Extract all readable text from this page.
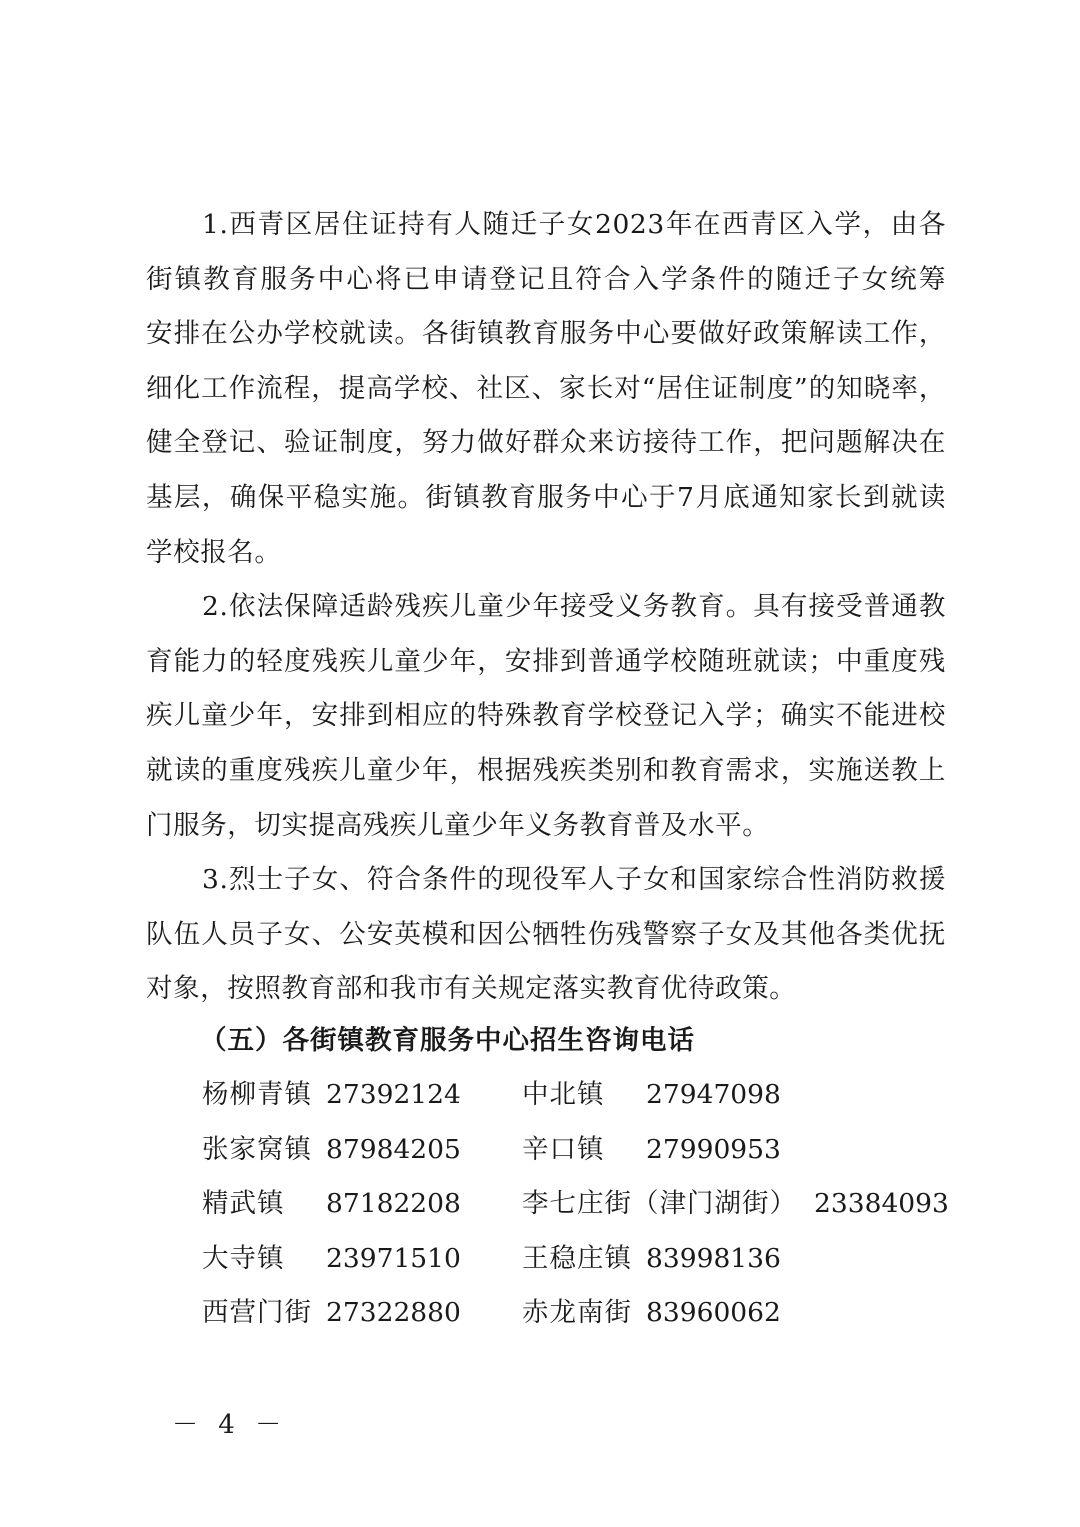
1.西青区居住证持有人随迁子女2023年在西青区入学，由各
街镇教育服务中心将已申请登记且符合入学条件的随迁子女统筹
安排在公办学校就读。各街镇教育服务中心要做好政策解读工作，
细化工作流程，提高学校、社区、家长对“居住证制度”的知晓率，
健全登记、验证制度，努力做好群众来访接待工作，把问题解决在
基层，确保平稳实施。街镇教育服务中心于7月底通知家长到就读
学校报名。

2.依法保障适龄残疾儿童少年接受义务教育。具有接受普通教
育能力的轻度残疾儿童少年，安排到普通学校随班就读；中重度残
疾儿童少年，安排到相应的特殊教育学校登记入学；确实不能进校
就读的重度残疾儿童少年，根据残疾类别和教育需求，实施送教上
门服务，切实提高残疾儿童少年义务教育普及水平。

3.烈士子女、符合条件的现役军人子女和国家综合性消防救援
队伍人员子女、公安英模和因公牺牲伤残警察子女及其他各类优抚
对象，按照教育部和我市有关规定落实教育优待政策。

（五）各街镇教育服务中心招生咨询电话
杨柳青镇 27392124 中北镇 27947098
张家窝镇 87984205 辛口镇 27990953
精武镇 87182208 李七庄街（津门湖街） 23384093
大寺镇 23971510 王稳庄镇 83998136
西营门街 27322880 赤龙南街 83960062
－ 4 －
